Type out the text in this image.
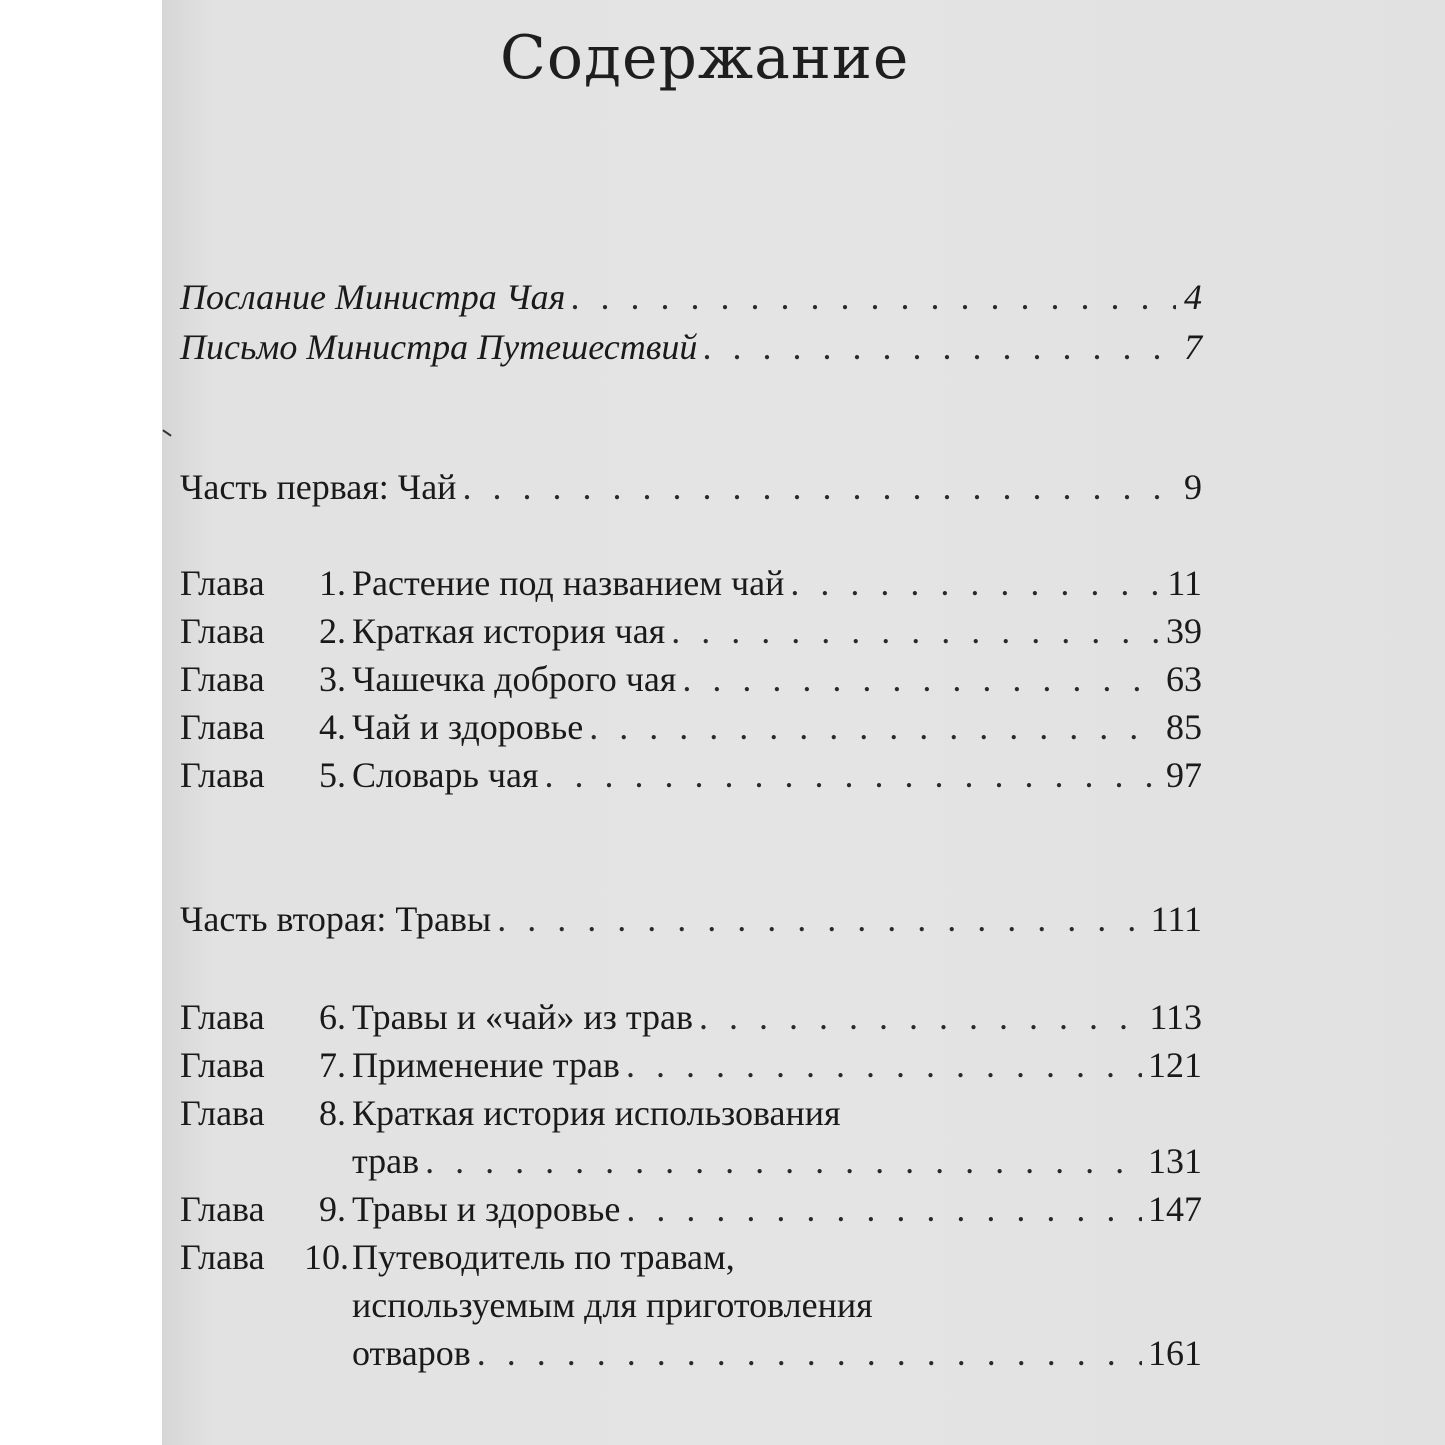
Содержание
Послание Министра Чая . . .	4
Письмо Министра Путешествий . . .	7
Часть первая: Чай . . .	9
Глава	1. Растение под названием чай . . .	11
Глава	2. Краткая история чая . . .	39
Глава	3. Чашечка доброго чая . . .	63
Глава	4. Чай и здоровье . . .	85
Глава	5. Словарь чая . . .	97
Часть вторая: Травы . . .	111
Глава	6. Травы и «чай» из трав . . .	113
Глава	7. Применение трав . . .	121
Глава 8. Краткая история использования
трав . . .	131
Глава	9. Травы и здоровье . . .	147
Глава 10.Путеводитель по травам,
используемым для приготовления
отваров . . .	161
